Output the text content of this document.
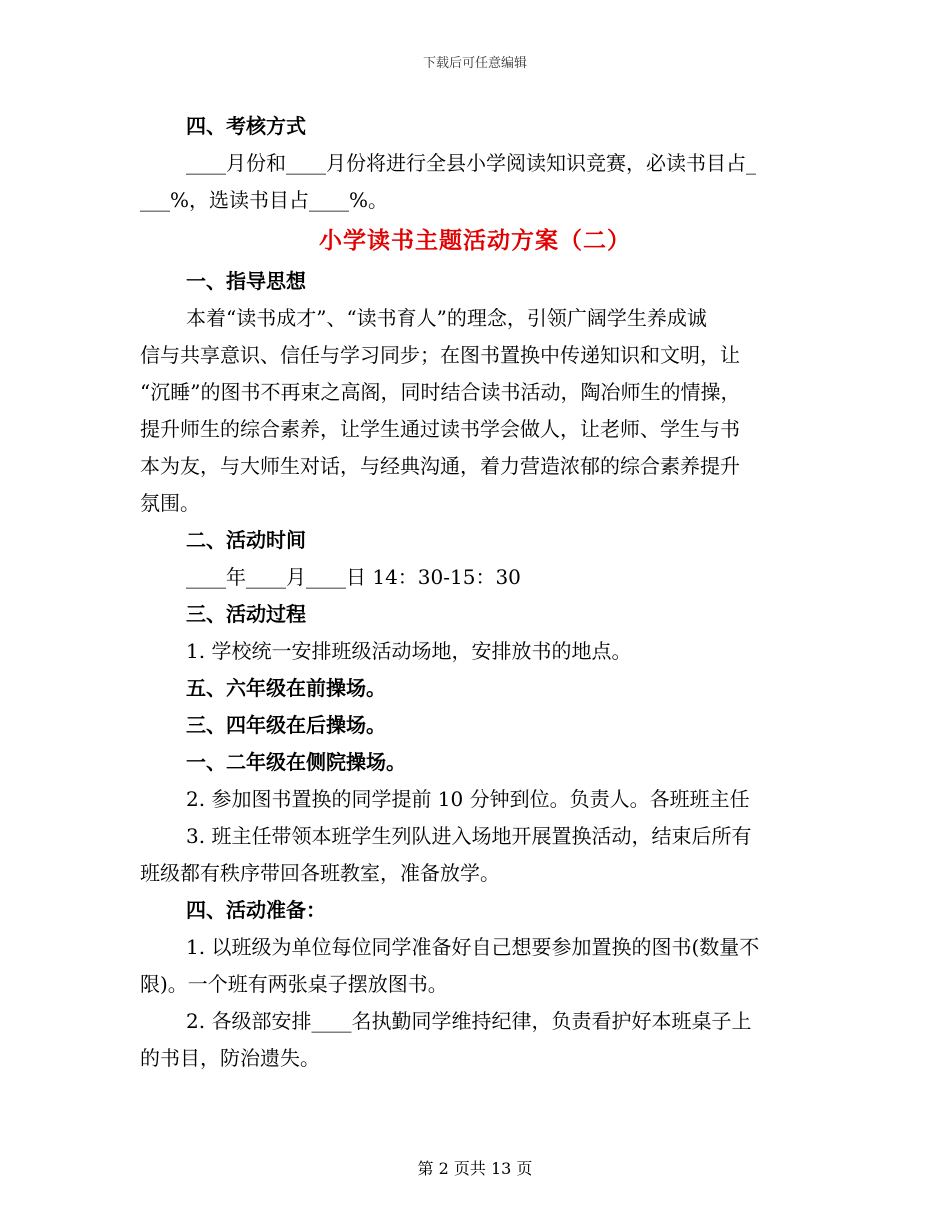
下载后可任意编辑

四、考核方式

____月份和____月份将进行全县小学阅读知识竞赛，必读书目占_

___%，选读书目占____%。

小学读书主题活动方案（二）

一、指导思想

本着“读书成才”、“读书育人”的理念，引领广阔学生养成诚

信与共享意识、信任与学习同步；在图书置换中传递知识和文明，让

“沉睡”的图书不再束之高阁，同时结合读书活动，陶冶师生的情操，

提升师生的综合素养，让学生通过读书学会做人，让老师、学生与书

本为友，与大师生对话，与经典沟通，着力营造浓郁的综合素养提升

氛围。

二、活动时间

____年____月____日 14：30-15：30

三、活动过程

1. 学校统一安排班级活动场地，安排放书的地点。

五、六年级在前操场。

三、四年级在后操场。

一、二年级在侧院操场。

2. 参加图书置换的同学提前 10 分钟到位。负责人。各班班主任

3. 班主任带领本班学生列队进入场地开展置换活动，结束后所有

班级都有秩序带回各班教室，准备放学。

四、活动准备：

1. 以班级为单位每位同学准备好自己想要参加置换的图书(数量不

限)。一个班有两张桌子摆放图书。

2. 各级部安排____名执勤同学维持纪律，负责看护好本班桌子上

的书目，防治遗失。

第 2 页共 13 页
